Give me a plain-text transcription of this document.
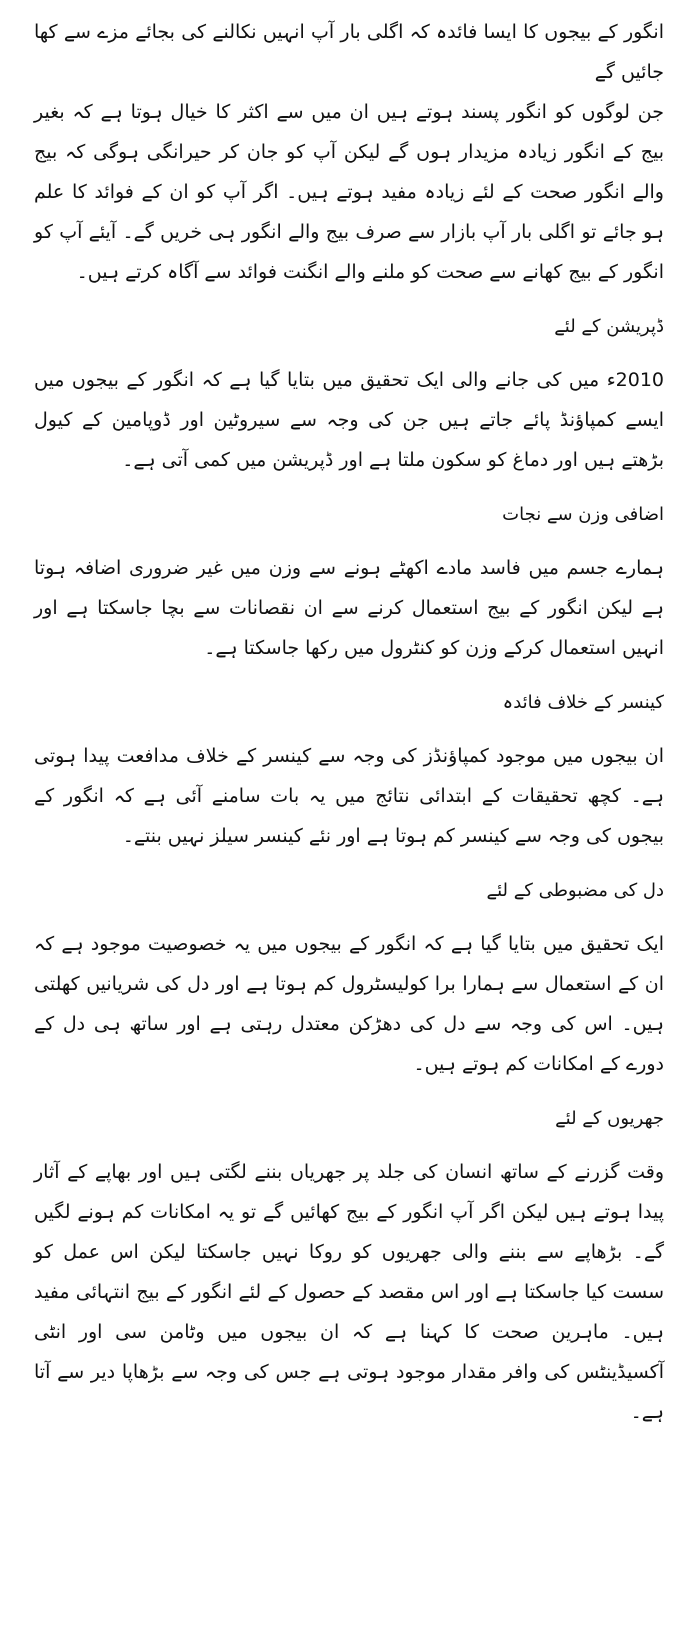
انگور کے بیجوں کا ایسا فائدہ کہ اگلی بار آپ انہیں نکالنے کی بجائے مزے سے کھا جائیں گے

جن لوگوں کو انگور پسند ہوتے ہیں ان میں سے اکثر کا خیال ہوتا ہے کہ بغیر بیج کے انگور زیادہ مزیدار ہوں گے لیکن آپ کو جان کر حیرانگی ہوگی کہ بیج والے انگور صحت کے لئے زیادہ مفید ہوتے ہیں۔ اگر آپ کو ان کے فوائد کا علم ہو جائے تو اگلی بار آپ بازار سے صرف بیج والے انگور ہی خریں گے۔ آیئے آپ کو انگور کے بیج کھانے سے صحت کو ملنے والے انگنت فوائد سے آگاہ کرتے ہیں۔

ڈپریشن کے لئے

2010ء میں کی جانے والی ایک تحقیق میں بتایا گیا ہے کہ انگور کے بیجوں میں ایسے کمپاؤنڈ پائے جاتے ہیں جن کی وجہ سے سیروٹین اور ڈوپامین کے کیول بڑھتے ہیں اور دماغ کو سکون ملتا ہے اور ڈپریشن میں کمی آتی ہے۔

اضافی وزن سے نجات

ہمارے جسم میں فاسد مادے اکھٹے ہونے سے وزن میں غیر ضروری اضافہ ہوتا ہے لیکن انگور کے بیج استعمال کرنے سے ان نقصانات سے بچا جاسکتا ہے اور انہیں استعمال کرکے وزن کو کنٹرول میں رکھا جاسکتا ہے۔

کینسر کے خلاف فائدہ

ان بیجوں میں موجود کمپاؤنڈز کی وجہ سے کینسر کے خلاف مدافعت پیدا ہوتی ہے۔ کچھ تحقیقات کے ابتدائی نتائج میں یہ بات سامنے آئی ہے کہ انگور کے بیجوں کی وجہ سے کینسر کم ہوتا ہے اور نئے کینسر سیلز نہیں بنتے۔

دل کی مضبوطی کے لئے

ایک تحقیق میں بتایا گیا ہے کہ انگور کے بیجوں میں یہ خصوصیت موجود ہے کہ ان کے استعمال سے ہمارا برا کولیسٹرول کم ہوتا ہے اور دل کی شریانیں کھلتی ہیں۔ اس کی وجہ سے دل کی دھڑکن معتدل رہتی ہے اور ساتھ ہی دل کے دورے کے امکانات کم ہوتے ہیں۔

جھریوں کے لئے

وقت گزرنے کے ساتھ انسان کی جلد پر جھریاں بننے لگتی ہیں اور بھاپے کے آثار پیدا ہوتے ہیں لیکن اگر آپ انگور کے بیج کھائیں گے تو یہ امکانات کم ہونے لگیں گے۔ بڑھاپے سے بننے والی جھریوں کو روکا نہیں جاسکتا لیکن اس عمل کو سست کیا جاسکتا ہے اور اس مقصد کے حصول کے لئے انگور کے بیج انتہائی مفید ہیں۔ ماہرین صحت کا کہنا ہے کہ ان بیجوں میں وٹامن سی اور انٹی آکسیڈینٹس کی وافر مقدار موجود ہوتی ہے جس کی وجہ سے بڑھاپا دیر سے آتا ہے۔
